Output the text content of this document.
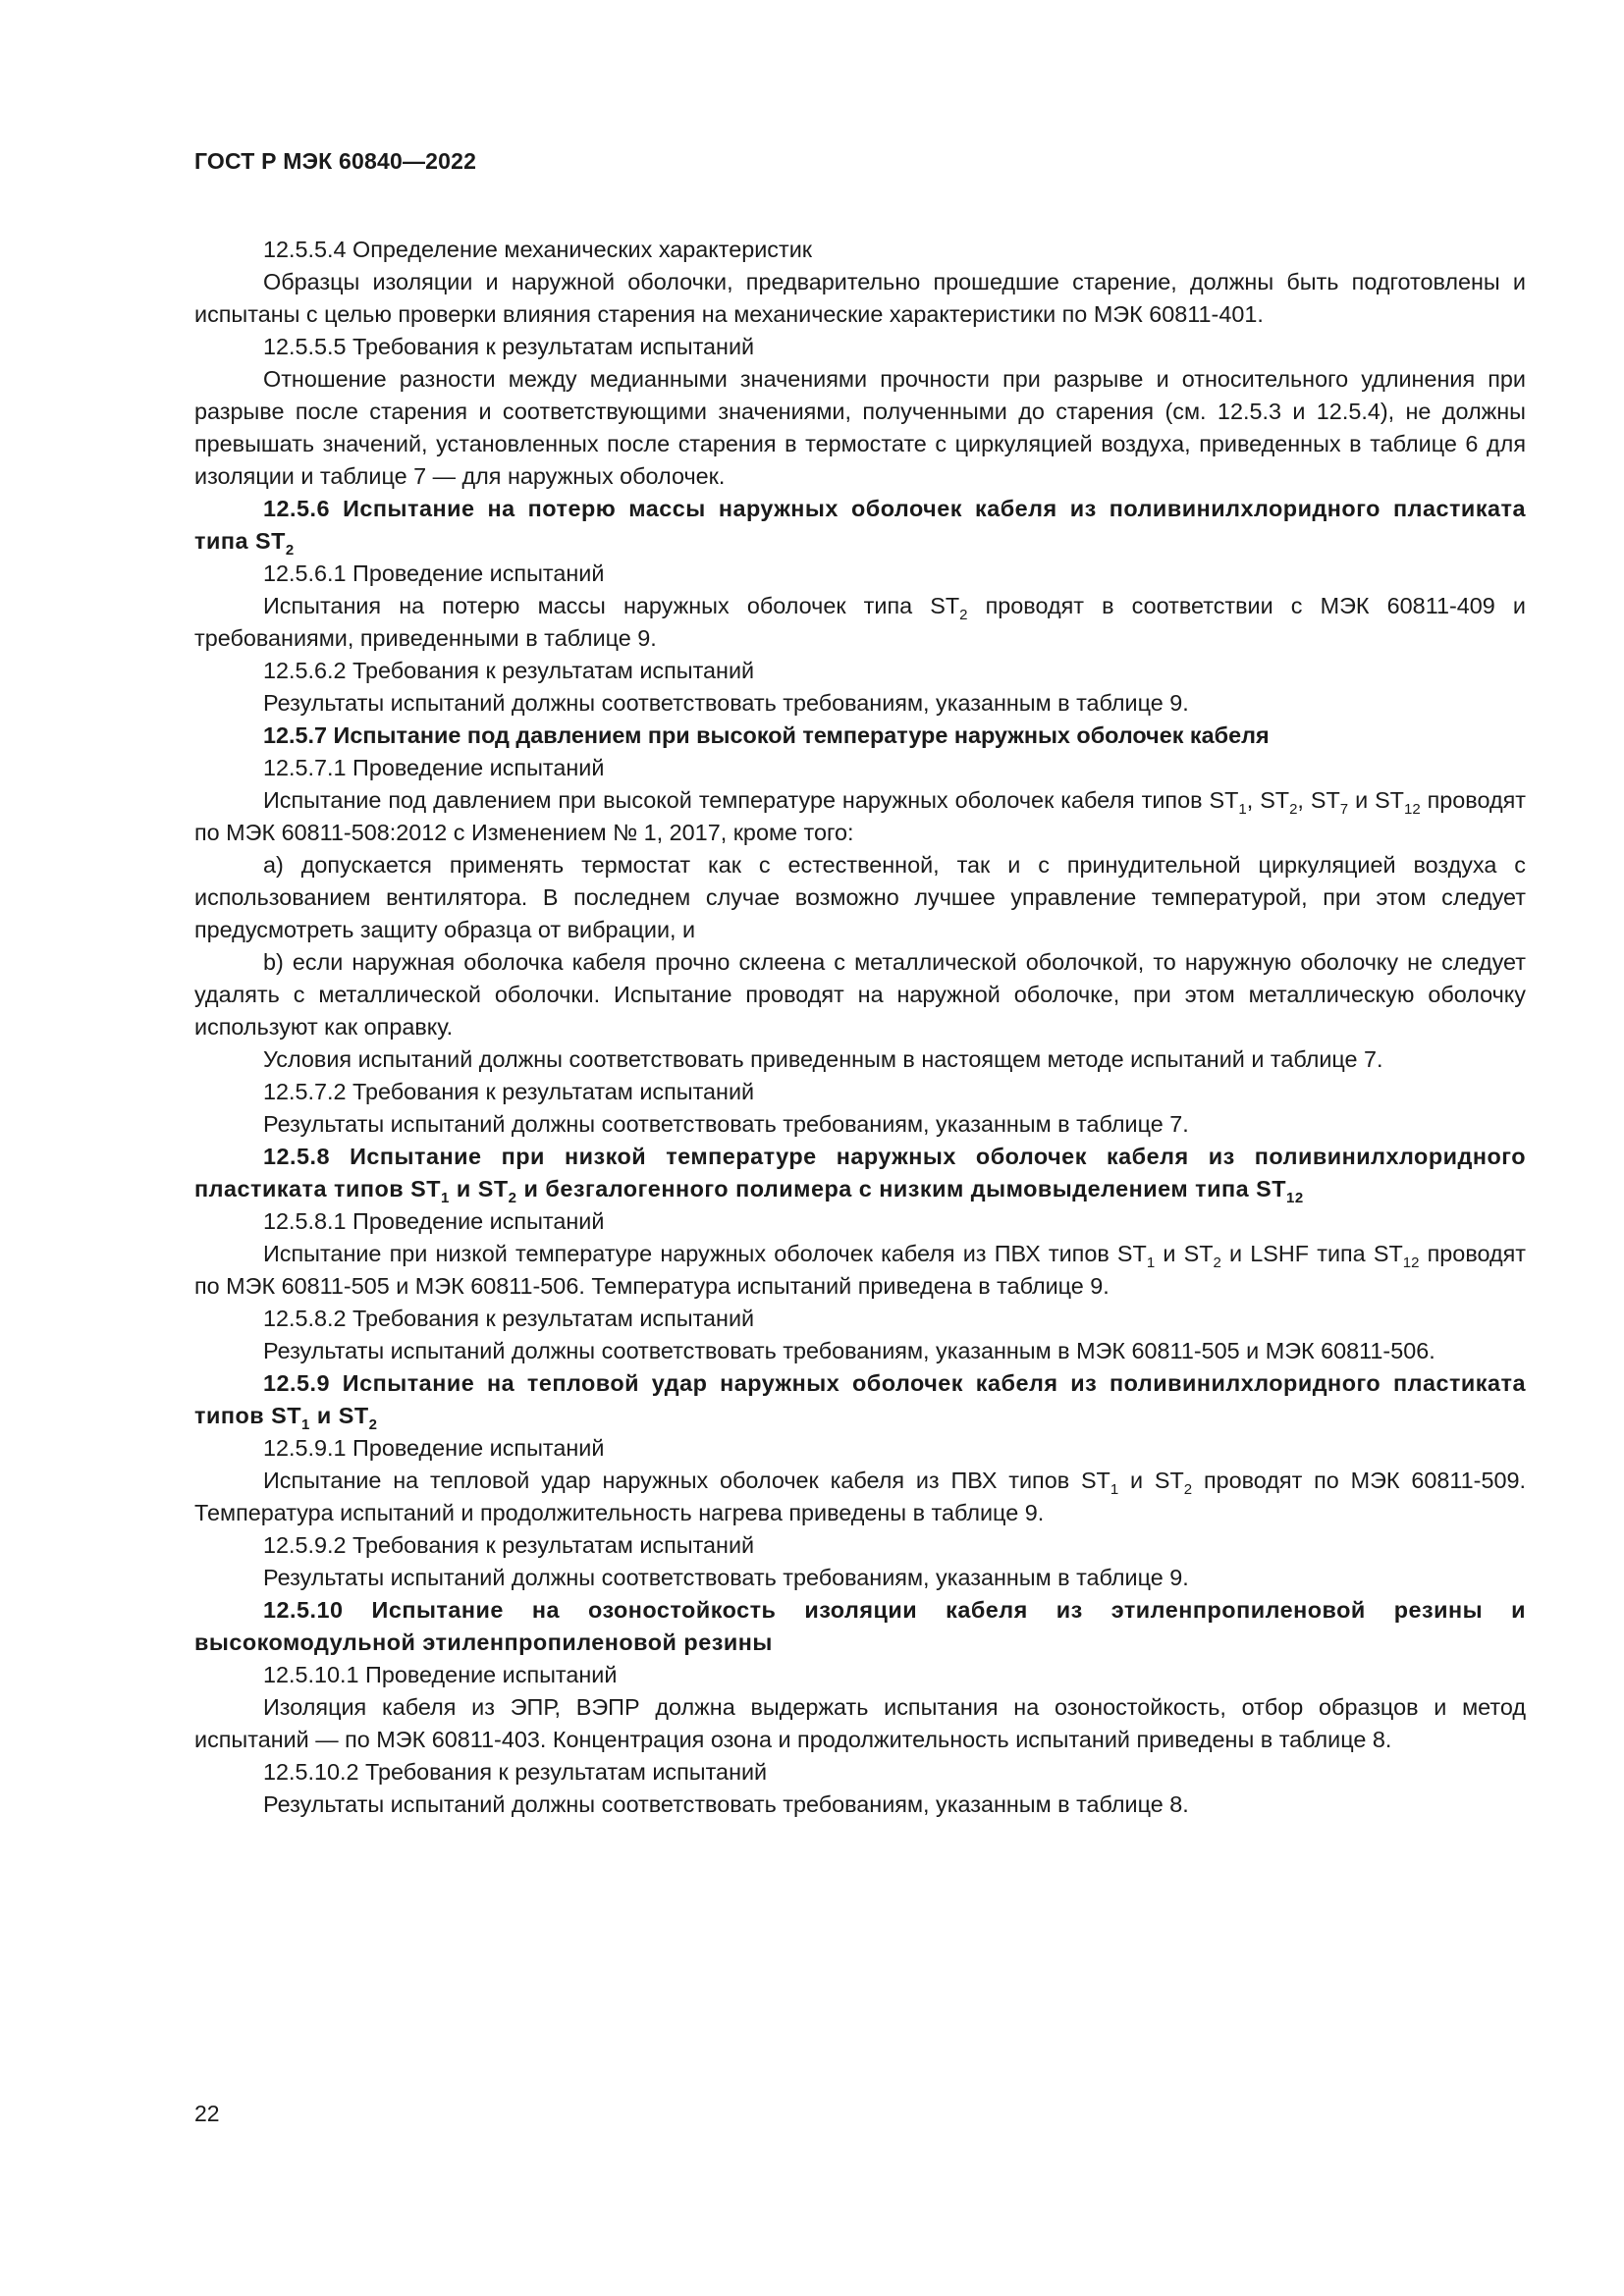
ГОСТ Р МЭК 60840—2022

12.5.5.4 Определение механических характеристик

Образцы изоляции и наружной оболочки, предварительно прошедшие старение, должны быть подготовлены и испытаны с целью проверки влияния старения на механические характеристики по МЭК 60811-401.

12.5.5.5 Требования к результатам испытаний

Отношение разности между медианными значениями прочности при разрыве и относительного удлинения при разрыве после старения и соответствующими значениями, полученными до старения (см. 12.5.3 и 12.5.4), не должны превышать значений, установленных после старения в термостате с циркуляцией воздуха, приведенных в таблице 6 для изоляции и таблице 7 — для наружных оболочек.

12.5.6 Испытание на потерю массы наружных оболочек кабеля из поливинилхлоридного пластиката типа $ST_2$

12.5.6.1 Проведение испытаний

Испытания на потерю массы наружных оболочек типа $ST_2$ проводят в соответствии с МЭК 60811-409 и требованиями, приведенными в таблице 9.

12.5.6.2 Требования к результатам испытаний

Результаты испытаний должны соответствовать требованиям, указанным в таблице 9.

12.5.7 Испытание под давлением при высокой температуре наружных оболочек кабеля

12.5.7.1 Проведение испытаний

Испытание под давлением при высокой температуре наружных оболочек кабеля типов $ST_1$, $ST_2$, $ST_7$ и $ST_{12}$ проводят по МЭК 60811-508:2012 с Изменением № 1, 2017, кроме того:

a) допускается применять термостат как с естественной, так и с принудительной циркуляцией воздуха с использованием вентилятора. В последнем случае возможно лучшее управление температурой, при этом следует предусмотреть защиту образца от вибрации, и

b) если наружная оболочка кабеля прочно склеена с металлической оболочкой, то наружную оболочку не следует удалять с металлической оболочки. Испытание проводят на наружной оболочке, при этом металлическую оболочку используют как оправку.

Условия испытаний должны соответствовать приведенным в настоящем методе испытаний и таблице 7.

12.5.7.2 Требования к результатам испытаний

Результаты испытаний должны соответствовать требованиям, указанным в таблице 7.

12.5.8 Испытание при низкой температуре наружных оболочек кабеля из поливинилхлоридного пластиката типов $ST_1$ и $ST_2$ и безгалогенного полимера с низким дымовыделением типа $ST_{12}$

12.5.8.1 Проведение испытаний

Испытание при низкой температуре наружных оболочек кабеля из ПВХ типов $ST_1$ и $ST_2$ и LSHF типа $ST_{12}$ проводят по МЭК 60811-505 и МЭК 60811-506. Температура испытаний приведена в таблице 9.

12.5.8.2 Требования к результатам испытаний

Результаты испытаний должны соответствовать требованиям, указанным в МЭК 60811-505 и МЭК 60811-506.

12.5.9 Испытание на тепловой удар наружных оболочек кабеля из поливинилхлоридного пластиката типов $ST_1$ и $ST_2$

12.5.9.1 Проведение испытаний

Испытание на тепловой удар наружных оболочек кабеля из ПВХ типов $ST_1$ и $ST_2$ проводят по МЭК 60811-509. Температура испытаний и продолжительность нагрева приведены в таблице 9.

12.5.9.2 Требования к результатам испытаний

Результаты испытаний должны соответствовать требованиям, указанным в таблице 9.

12.5.10 Испытание на озоностойкость изоляции кабеля из этиленпропиленовой резины и высокомодульной этиленпропиленовой резины

12.5.10.1 Проведение испытаний

Изоляция кабеля из ЭПР, ВЭПР должна выдержать испытания на озоностойкость, отбор образцов и метод испытаний — по МЭК 60811-403. Концентрация озона и продолжительность испытаний приведены в таблице 8.

12.5.10.2 Требования к результатам испытаний

Результаты испытаний должны соответствовать требованиям, указанным в таблице 8.

22
